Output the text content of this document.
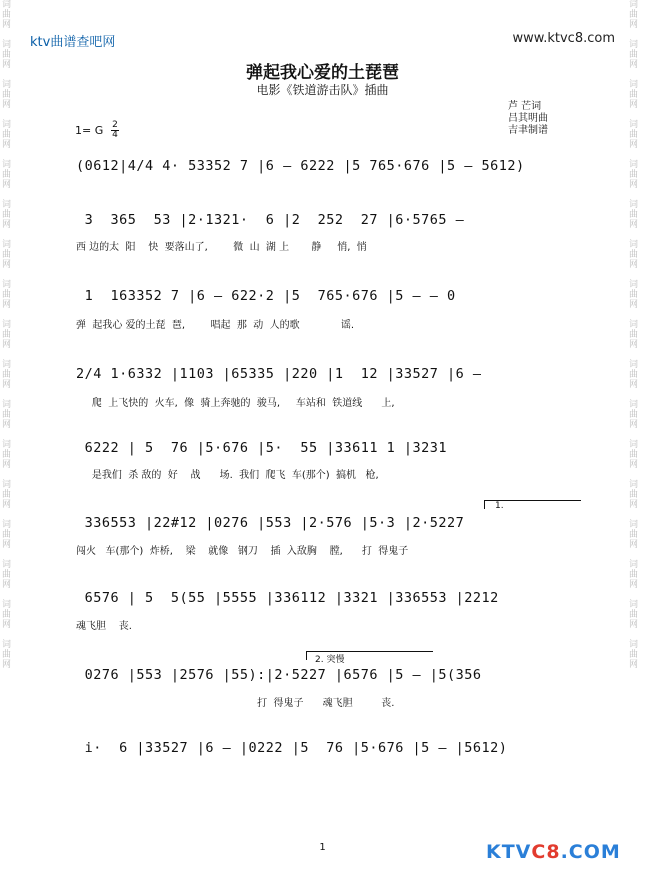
词
曲
网

词
曲
网

词
曲
网

词
曲
网

词
曲
网

词
曲
网

词
曲
网

词
曲
网

词
曲
网

词
曲
网

词
曲
网

词
曲
网

词
曲
网

词
曲
网

词
曲
网

词
曲
网

词
曲
网

词
曲
网

词
曲
网

词
曲
网

词
曲
网

词
曲
网

词
曲
网

词
曲
网

词
曲
网

词
曲
网

词
曲
网

词
曲
网

词
曲
网

词
曲
网

词
曲
网

词
曲
网

词
曲
网

词
曲
网

ktv曲谱查吧网	www.ktvc8.com
弹起我心爱的土琵琶
电影《铁道游击队》插曲
芦 芒词
吕其明曲
吉聿制谱
1= G 2
4
(0612|4/4 4· 53352 7 |6 — 6222 |5 765·676 |5 — 5612)
3  365  53 |2·1321·  6 |2  252  27 |6·5765 —
西 边的太  阳    快  要落山了,        微  山  湖 上       静     悄,  悄
1  163352 7 |6 — 622·2 |5  765·676 |5 — — 0
弹  起我心 爱的土琵  琶,        唱起  那  动  人的歌             谣.
2/4 1·6332 |1103 |65335 |220 |1  12 |33527 |6 —
爬  上飞快的  火车,  像  骑上奔驰的  骏马,     车站和  铁道线      上,
6222 | 5  76 |5·676 |5·  55 |33611 1 |3231
是我们  杀 敌的  好    战      场.  我们  爬飞  车(那个)  搞机   枪,
1.
336553 |22#12 |0276 |553 |2·576 |5·3 |2·5227
闯火   车(那个)  炸桥,    梁    就像   钢刀    插  入敌胸    膛,      打  得鬼子
6576 | 5  5(55 |5555 |336112 |3321 |336553 |2212
魂飞胆    丧.
2. 突慢
0276 |553 |2576 |55):|2·5227 |6576 |5 — |5(356
打  得鬼子      魂飞胆         丧.
i·  6 |33527 |6 — |0222 |5  76 |5·676 |5 — |5612)
1	KTVC8.COM
